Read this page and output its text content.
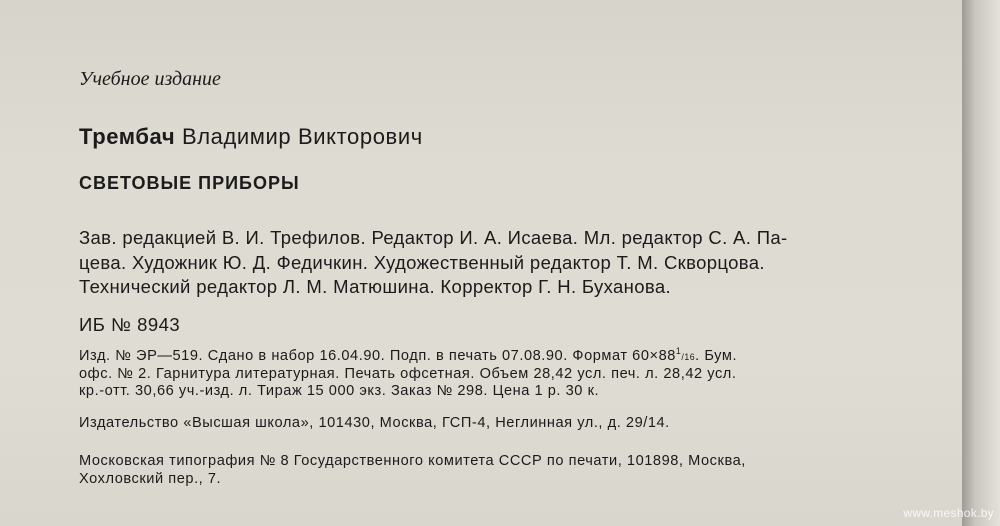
Учебное издание
Трембач Владимир Викторович
СВЕТОВЫЕ ПРИБОРЫ
Зав. редакцией В. И. Трефилов. Редактор И. А. Исаева. Мл. редактор С. А. Па-
цева. Художник Ю. Д. Федичкин. Художественный редактор Т. М. Скворцова.
Технический редактор Л. М. Матюшина. Корректор Г. Н. Буханова.
ИБ № 8943
Изд. № ЭР—519. Сдано в набор 16.04.90. Подп. в печать 07.08.90. Формат $60\times 88^1/16$. Бум.
офс. № 2. Гарнитура литературная. Печать офсетная. Объем 28,42 усл. печ. л. 28,42 усл.
кр.-отт. 30,66 уч.-изд. л. Тираж 15 000 экз. Заказ № 298. Цена 1 р. 30 к.
Издательство «Высшая школа», 101430, Москва, ГСП-4, Неглинная ул., д. 29/14.
Московская типография № 8 Государственного комитета СССР по печати, 101898, Москва,
Хохловский пер., 7.
www.meshok.by
